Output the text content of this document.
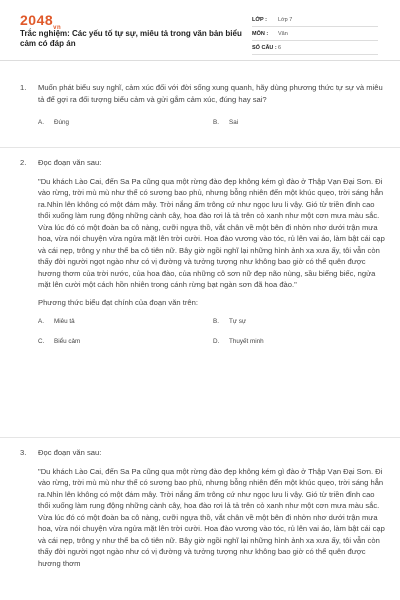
$2048_{vn}$
Trắc nghiệm: Các yếu tố tự sự, miêu tả trong văn bản biểu cảm có đáp án
LỚP :	Lớp 7
MÔN :	Văn
SỐ CÂU : 6
1. Muốn phát biểu suy nghĩ, cảm xúc đối với đời sống xung quanh, hãy dùng phương thức tự sự và miêu tả để gợi ra đối tượng biểu cảm và gửi gắm cảm xúc, đúng hay sai?
A.	Đúng	B.	Sai
2. Đọc đoạn văn sau:
"Du khách Lào Cai, đến Sa Pa cũng qua một rừng đào đẹp không kém gì đào ở Thập Vạn Đại Sơn. Đi vào rừng, trời mù mù như thể có sương bao phủ, nhưng bỗng nhiên đến một khúc quẹo, trời sáng hẳn ra.Nhìn lên không có một đám mây. Trời nắng ấm trông cứ như ngọc lưu li vậy. Gió từ triền đỉnh cao thổi xuống làm rung động những cành cây, hoa đào rơi lả tả trên cỏ xanh như một cơn mưa màu sắc. Vừa lúc đó có một đoàn ba cô nàng, cưỡi ngựa thồ, vắt chân về một bên đi nhởn nhơ dưới trận mưa hoa, vừa nói chuyện vừa ngửa mặt lên trời cười. Hoa đào vương vào tóc, rủ lên vai áo, làm bật cái cạp và cái nẹp, trông y như thể ba cô tiên nữ. Bây giờ ngồi nghĩ lại những hình ảnh xa xưa ấy, tôi vẫn còn thấy đời người ngọt ngào như có vị đường và tưởng tượng như không bao giờ có thể quên được hương thơm của trời nước, của hoa đào, của những cô sơn nữ đẹp não nùng, sầu biếng biếc, ngửa mặt lên cười một cách hồn nhiên trong cánh rừng bạt ngàn sơn đã hoa đào."
Phương thức biểu đạt chính của đoạn văn trên:
A.	Miêu tả	B.	Tự sự
C.	Biểu cảm	D.	Thuyết minh
3. Đọc đoạn văn sau:
"Du khách Lào Cai, đến Sa Pa cũng qua một rừng đào đẹp không kém gì đào ở Thập Vạn Đại Sơn. Đi vào rừng, trời mù mù như thể có sương bao phủ, nhưng bỗng nhiên đến một khúc quẹo, trời sáng hẳn ra.Nhìn lên không có một đám mây. Trời nắng ấm trông cứ như ngọc lưu li vậy. Gió từ triền đỉnh cao thổi xuống làm rung động những cành cây, hoa đào rơi lả tả trên cỏ xanh như một cơn mưa màu sắc. Vừa lúc đó có một đoàn ba cô nàng, cưỡi ngựa thồ, vắt chân về một bên đi nhởn nhơ dưới trận mưa hoa, vừa nói chuyện vừa ngửa mặt lên trời cười. Hoa đào vương vào tóc, rủ lên vai áo, làm bật cái cạp và cái nẹp, trông y như thể ba cô tiên nữ. Bây giờ ngồi nghĩ lại những hình ảnh xa xưa ấy, tôi vẫn còn thấy đời người ngọt ngào như có vị đường và tưởng tượng như không bao giờ có thể quên được hương thơm
